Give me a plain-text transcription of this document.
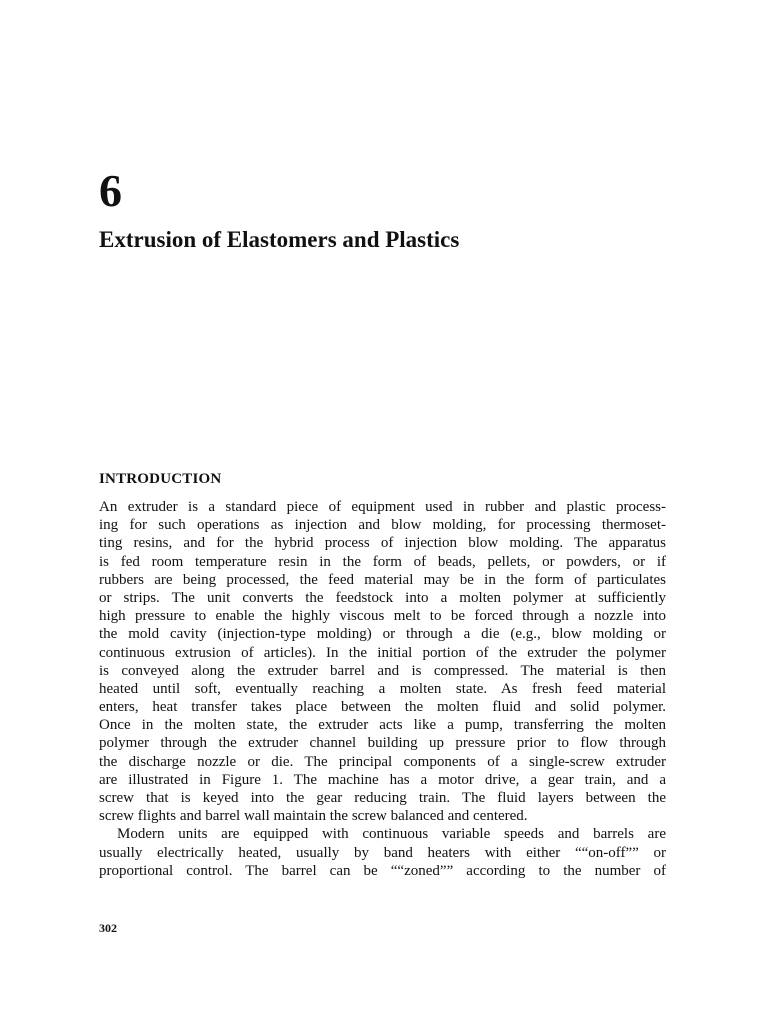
6
Extrusion of Elastomers and Plastics
INTRODUCTION
An extruder is a standard piece of equipment used in rubber and plastic process-
ing for such operations as injection and blow molding, for processing thermoset-
ting resins, and for the hybrid process of injection blow molding. The apparatus
is fed room temperature resin in the form of beads, pellets, or powders, or if
rubbers are being processed, the feed material may be in the form of particulates
or strips. The unit converts the feedstock into a molten polymer at sufficiently
high pressure to enable the highly viscous melt to be forced through a nozzle into
the mold cavity (injection-type molding) or through a die (e.g., blow molding or
continuous extrusion of articles). In the initial portion of the extruder the polymer
is conveyed along the extruder barrel and is compressed. The material is then
heated until soft, eventually reaching a molten state. As fresh feed material
enters, heat transfer takes place between the molten fluid and solid polymer.
Once in the molten state, the extruder acts like a pump, transferring the molten
polymer through the extruder channel building up pressure prior to flow through
the discharge nozzle or die. The principal components of a single-screw extruder
are illustrated in Figure 1. The machine has a motor drive, a gear train, and a
screw that is keyed into the gear reducing train. The fluid layers between the
screw flights and barrel wall maintain the screw balanced and centered.
Modern units are equipped with continuous variable speeds and barrels are
usually electrically heated, usually by band heaters with either ““on-off”” or
proportional control. The barrel can be ““zoned”” according to the number of
302
